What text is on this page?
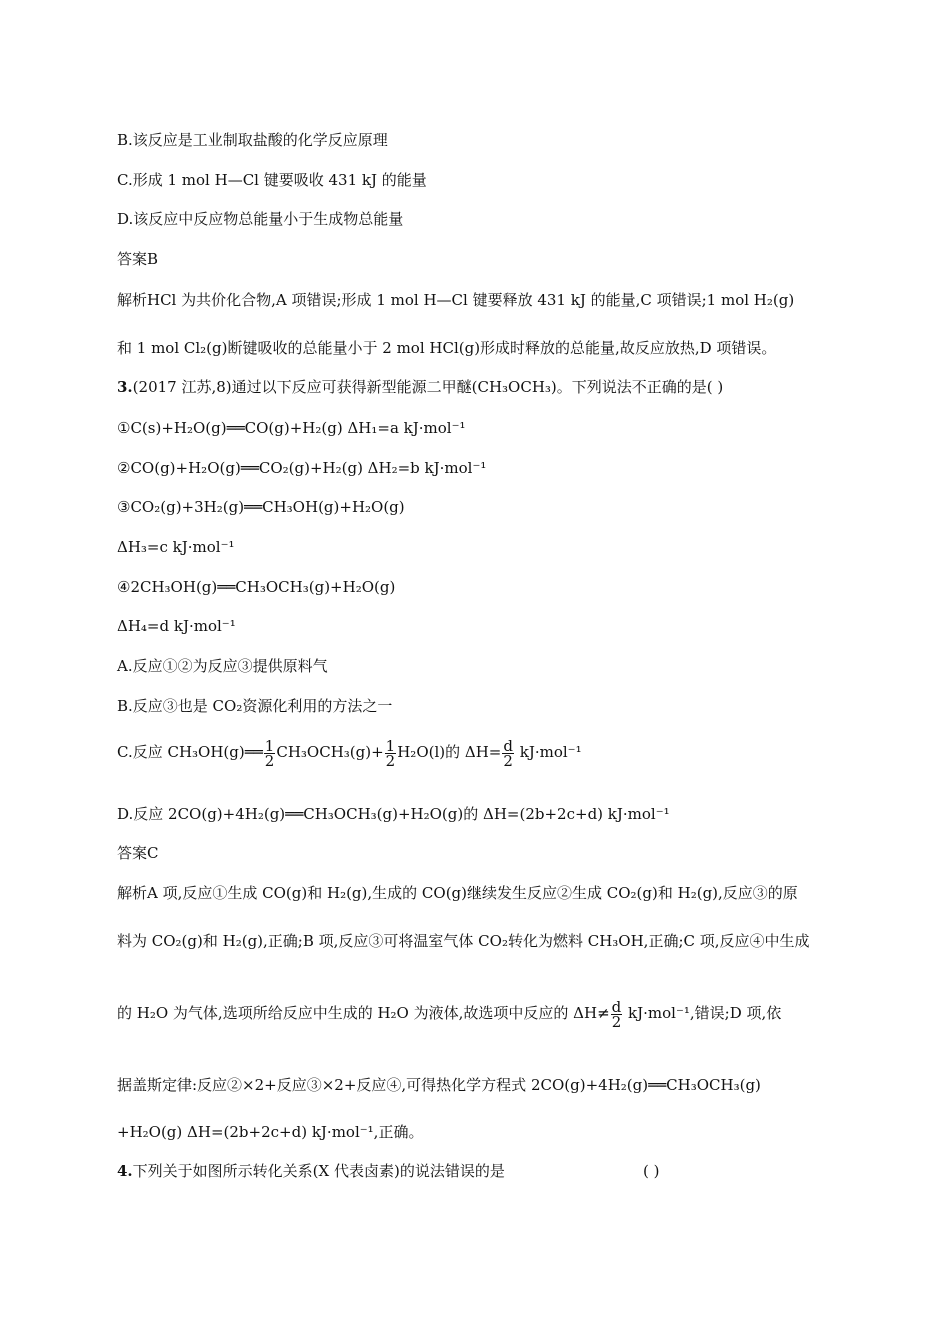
B.该反应是工业制取盐酸的化学反应原理
C.形成 1 mol H—Cl 键要吸收 431 kJ 的能量
D.该反应中反应物总能量小于生成物总能量
答案B
解析HCl 为共价化合物,A 项错误;形成 1 mol H—Cl 键要释放 431 kJ 的能量,C 项错误;1 mol H₂(g)
和 1 mol Cl₂(g)断键吸收的总能量小于 2 mol HCl(g)形成时释放的总能量,故反应放热,D 项错误。
3.(2017 江苏,8)通过以下反应可获得新型能源二甲醚(CH₃OCH₃)。下列说法不正确的是( )
①C(s)+H₂O(g)══CO(g)+H₂(g) ΔH₁=a kJ·mol⁻¹
②CO(g)+H₂O(g)══CO₂(g)+H₂(g) ΔH₂=b kJ·mol⁻¹
③CO₂(g)+3H₂(g)══CH₃OH(g)+H₂O(g)
ΔH₃=c kJ·mol⁻¹
④2CH₃OH(g)══CH₃OCH₃(g)+H₂O(g)
ΔH₄=d kJ·mol⁻¹
A.反应①②为反应③提供原料气
B.反应③也是 CO₂资源化利用的方法之一
C.反应 CH₃OH(g)══ $\frac{1}{2} CH_3OCH_3(g)+ \frac{1}{2} H_2O(l)$的 $\Delta H= \frac{d}{2} kJ\cdot mol^{-1}$
D.反应 2CO(g)+4H₂(g)══CH₃OCH₃(g)+H₂O(g)的 ΔH=(2b+2c+d) kJ·mol⁻¹
答案C
解析A 项,反应①生成 CO(g)和 H₂(g),生成的 CO(g)继续发生反应②生成 CO₂(g)和 H₂(g),反应③的原
料为 CO₂(g)和 H₂(g),正确;B 项,反应③可将温室气体 CO₂转化为燃料 CH₃OH,正确;C 项,反应④中生成
的 H₂O 为气体,选项所给反应中生成的 H₂O 为液体,故选项中反应的 $\Delta H\ne \frac{d}{2} kJ\cdot mol^{-1}$,错误;D 项,依
据盖斯定律:反应②×2+反应③×2+反应④,可得热化学方程式 2CO(g)+4H₂(g)══CH₃OCH₃(g)
+H₂O(g) ΔH=(2b+2c+d) kJ·mol⁻¹,正确。
4.下列关于如图所示转化关系(X 代表卤素)的说法错误的是	( )
